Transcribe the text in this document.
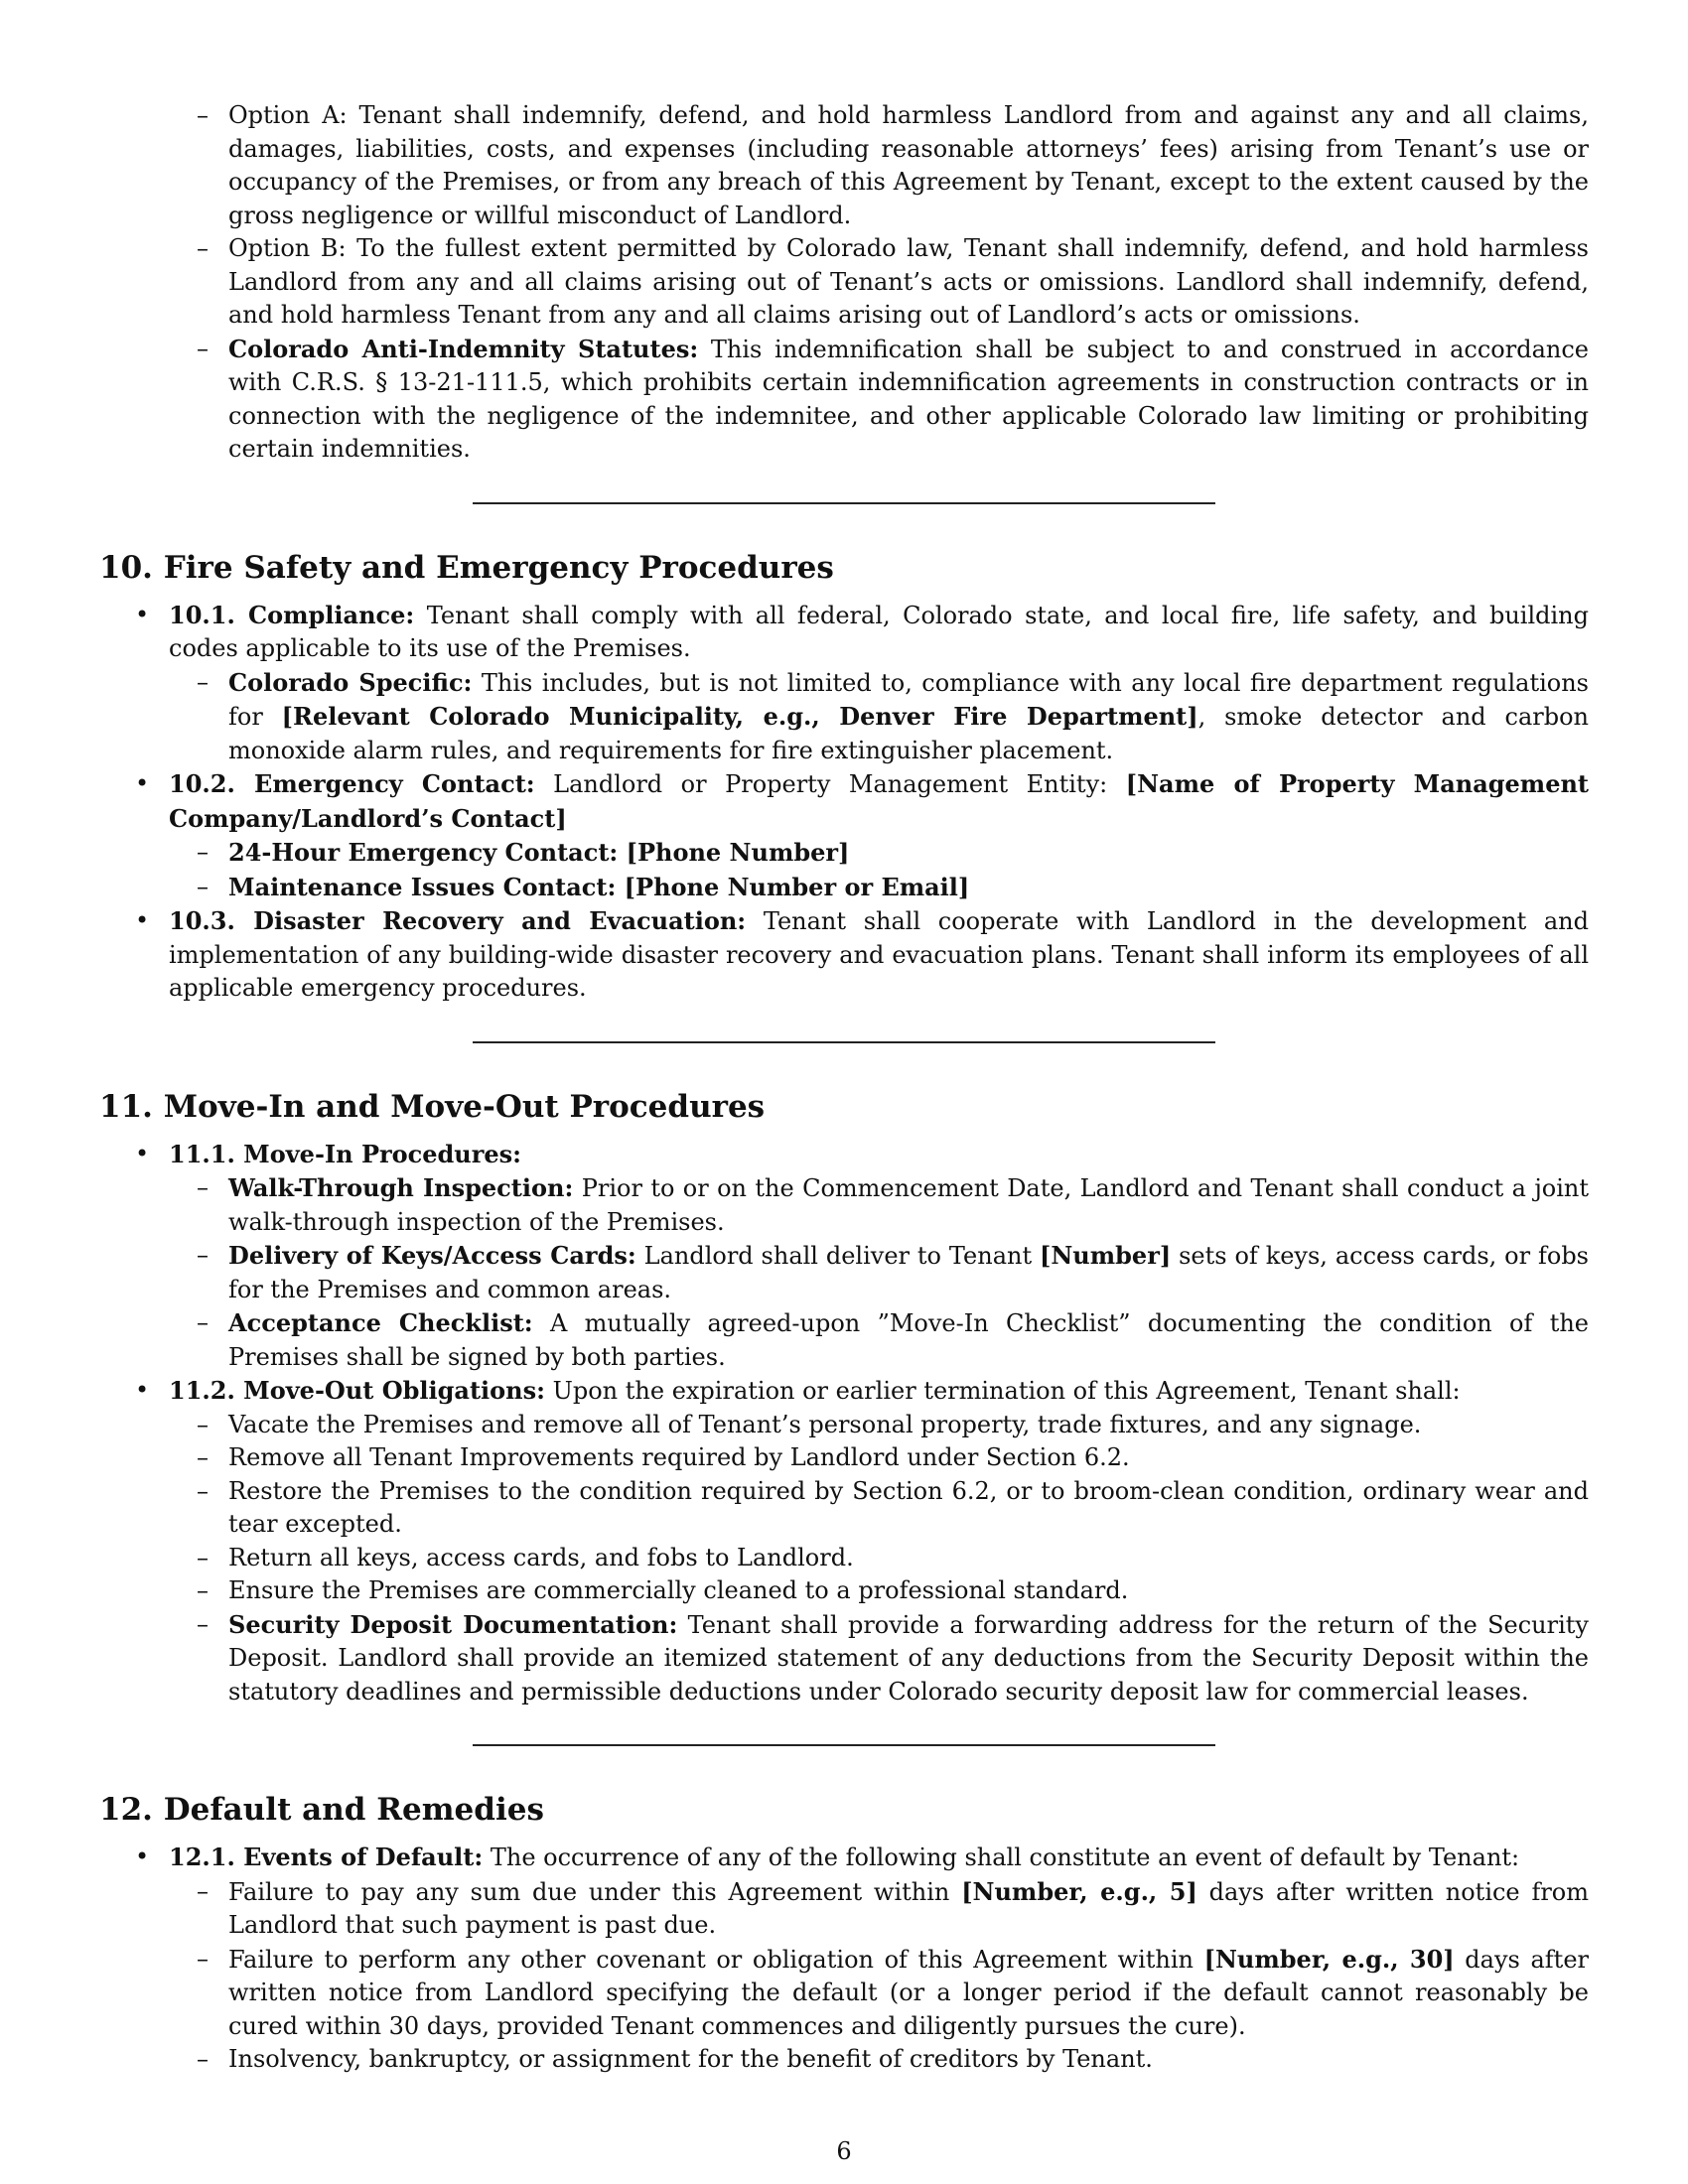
– Option A: Tenant shall indemnify, defend, and hold harmless Landlord from and against any and all claims, damages, liabilities, costs, and expenses (including reasonable attorneys’ fees) arising from Tenant’s use or occupancy of the Premises, or from any breach of this Agreement by Tenant, except to the extent caused by the gross negligence or willful misconduct of Landlord.
– Option B: To the fullest extent permitted by Colorado law, Tenant shall indemnify, defend, and hold harmless Landlord from any and all claims arising out of Tenant’s acts or omissions. Landlord shall indemnify, defend, and hold harmless Tenant from any and all claims arising out of Landlord’s acts or omissions.
– Colorado Anti-Indemnity Statutes: This indemnification shall be subject to and construed in accordance with C.R.S. § 13-21-111.5, which prohibits certain indemnification agreements in construction contracts or in connection with the negligence of the indemnitee, and other applicable Colorado law limiting or prohibiting certain indemnities.
10. Fire Safety and Emergency Procedures
• 10.1. Compliance: Tenant shall comply with all federal, Colorado state, and local fire, life safety, and building codes applicable to its use of the Premises.
– Colorado Specific: This includes, but is not limited to, compliance with any local fire department regulations for [Relevant Colorado Municipality, e.g., Denver Fire Department], smoke detector and carbon monoxide alarm rules, and requirements for fire extinguisher placement.
• 10.2. Emergency Contact: Landlord or Property Management Entity: [Name of Property Management Company/Landlord’s Contact]
– 24-Hour Emergency Contact: [Phone Number]
– Maintenance Issues Contact: [Phone Number or Email]
• 10.3. Disaster Recovery and Evacuation: Tenant shall cooperate with Landlord in the development and implementation of any building-wide disaster recovery and evacuation plans. Tenant shall inform its employees of all applicable emergency procedures.
11. Move-In and Move-Out Procedures
• 11.1. Move-In Procedures:
– Walk-Through Inspection: Prior to or on the Commencement Date, Landlord and Tenant shall conduct a joint walk-through inspection of the Premises.
– Delivery of Keys/Access Cards: Landlord shall deliver to Tenant [Number] sets of keys, access cards, or fobs for the Premises and common areas.
– Acceptance Checklist: A mutually agreed-upon ”Move-In Checklist” documenting the condition of the Premises shall be signed by both parties.
• 11.2. Move-Out Obligations: Upon the expiration or earlier termination of this Agreement, Tenant shall:
– Vacate the Premises and remove all of Tenant’s personal property, trade fixtures, and any signage.
– Remove all Tenant Improvements required by Landlord under Section 6.2.
– Restore the Premises to the condition required by Section 6.2, or to broom-clean condition, ordinary wear and tear excepted.
– Return all keys, access cards, and fobs to Landlord.
– Ensure the Premises are commercially cleaned to a professional standard.
– Security Deposit Documentation: Tenant shall provide a forwarding address for the return of the Security Deposit. Landlord shall provide an itemized statement of any deductions from the Security Deposit within the statutory deadlines and permissible deductions under Colorado security deposit law for commercial leases.
12. Default and Remedies
• 12.1. Events of Default: The occurrence of any of the following shall constitute an event of default by Tenant:
– Failure to pay any sum due under this Agreement within [Number, e.g., 5] days after written notice from Landlord that such payment is past due.
– Failure to perform any other covenant or obligation of this Agreement within [Number, e.g., 30] days after written notice from Landlord specifying the default (or a longer period if the default cannot reasonably be cured within 30 days, provided Tenant commences and diligently pursues the cure).
– Insolvency, bankruptcy, or assignment for the benefit of creditors by Tenant.
6
